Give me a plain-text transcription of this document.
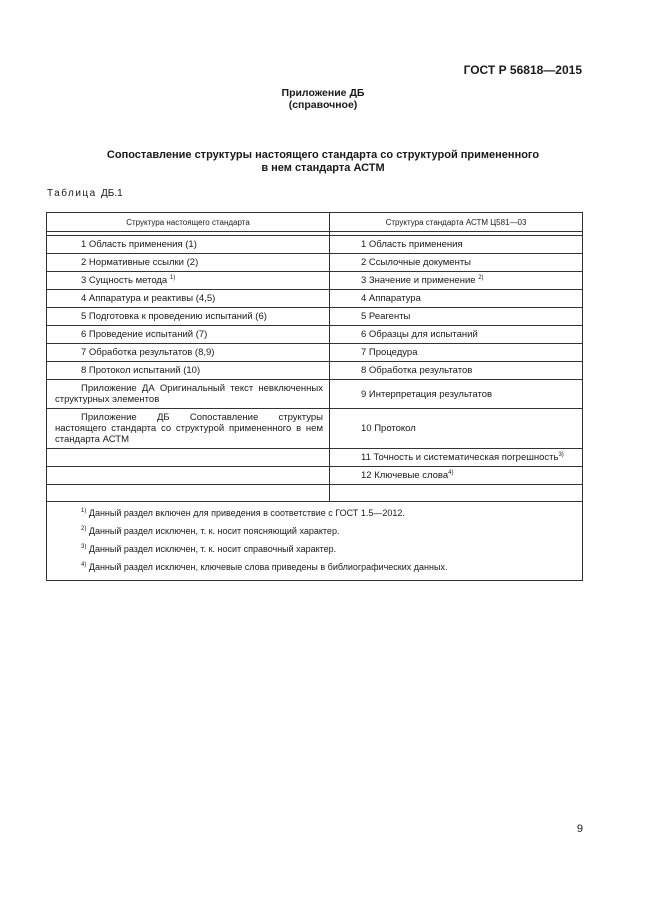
ГОСТ Р 56818—2015
Приложение ДБ
(справочное)
Сопоставление структуры настоящего стандарта со структурой примененного
в нем стандарта АСТМ
Таблица ДБ.1
Структура настоящего стандарта	Структура стандарта АСТМ Ц581—03

1 Область применения (1)	1 Область применения
2 Нормативные ссылки (2)	2 Ссылочные документы
3 Сущность метода $^{1)}$	3 Значение и применение $^{2)}$
4 Аппаратура и реактивы (4,5)	4 Аппаратура
5 Подготовка к проведению испытаний (6)	5 Реагенты
6 Проведение испытаний (7)	6 Образцы для испытаний
7 Обработка результатов (8,9)	7 Процедура
8 Протокол испытаний (10)	8 Обработка результатов
Приложение ДА Оригинальный текст невключенных структурных элементов	9 Интерпретация результатов
Приложение ДБ Сопоставление структуры настоящего стандарта со структурой примененного в нем стандарта АСТМ	10 Протокол
	11 Точность и систематическая погрешность$^{3)}$
	12 Ключевые слова$^{4)}$

$^{1)}$ Данный раздел включен для приведения в соответствие с ГОСТ 1.5—2012.
$^{2)}$ Данный раздел исключен, т. к. носит поясняющий характер.
$^{3)}$ Данный раздел исключен, т. к. носит справочный характер.
$^{4)}$ Данный раздел исключен, ключевые слова приведены в библиографических данных.	
9
